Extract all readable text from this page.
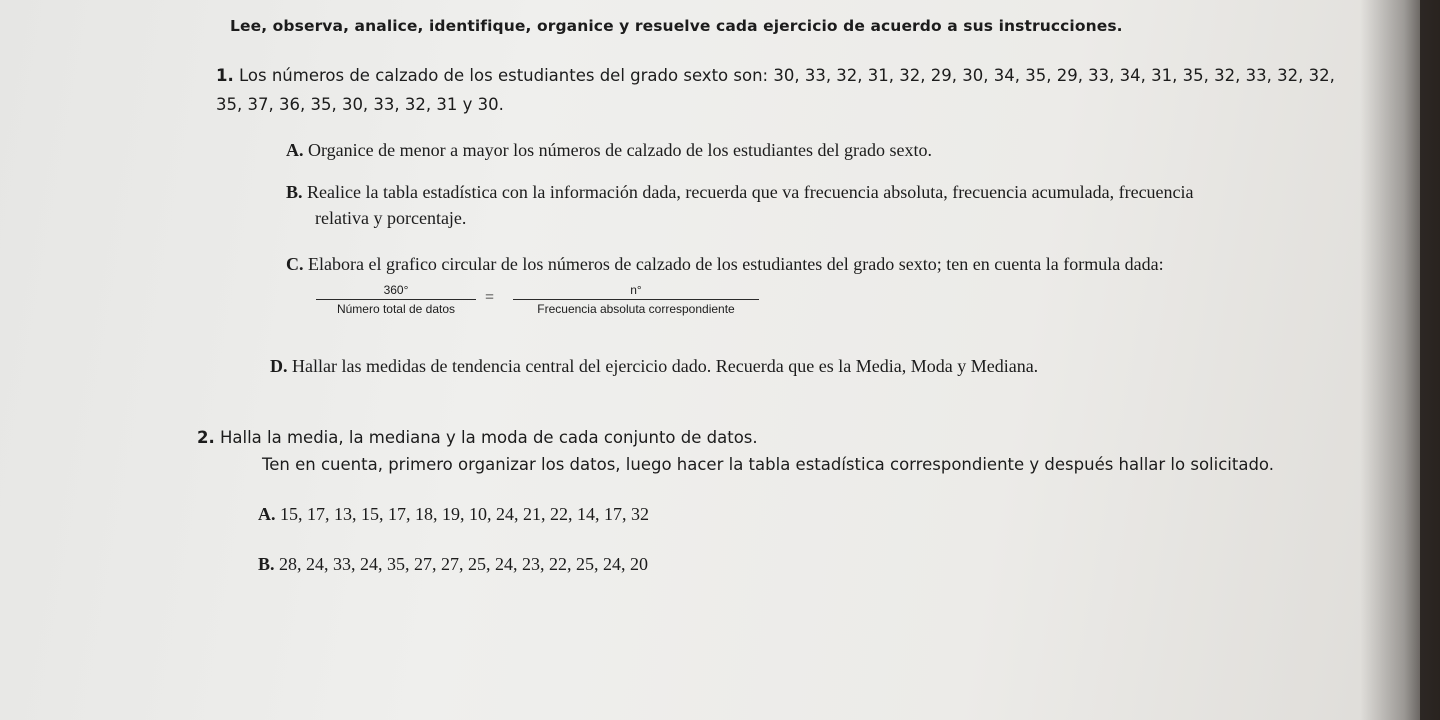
Lee, observa, analice, identifique, organice y resuelve cada ejercicio de acuerdo a sus instrucciones.
1. Los números de calzado de los estudiantes del grado sexto son: 30, 33, 32, 31, 32, 29, 30, 34, 35, 29, 33, 34, 31, 35, 32, 33, 32, 32,
35, 37, 36, 35, 30, 33, 32, 31 y 30.
A. Organice de menor a mayor los números de calzado de los estudiantes del grado sexto.
B. Realice la tabla estadística con la información dada, recuerda que va frecuencia absoluta, frecuencia acumulada, frecuencia
relativa y porcentaje.
C. Elabora el grafico circular de los números de calzado de los estudiantes del grado sexto; ten en cuenta la formula dada:
360°
Número total de datos
=	n°
Frecuencia absoluta correspondiente
D. Hallar las medidas de tendencia central del ejercicio dado. Recuerda que es la Media, Moda y Mediana.
2. Halla la media, la mediana y la moda de cada conjunto de datos.
Ten en cuenta, primero organizar los datos, luego hacer la tabla estadística correspondiente y después hallar lo solicitado.
A. 15, 17, 13, 15, 17, 18, 19, 10, 24, 21, 22, 14, 17, 32
B. 28, 24, 33, 24, 35, 27, 27, 25, 24, 23, 22, 25, 24, 20
